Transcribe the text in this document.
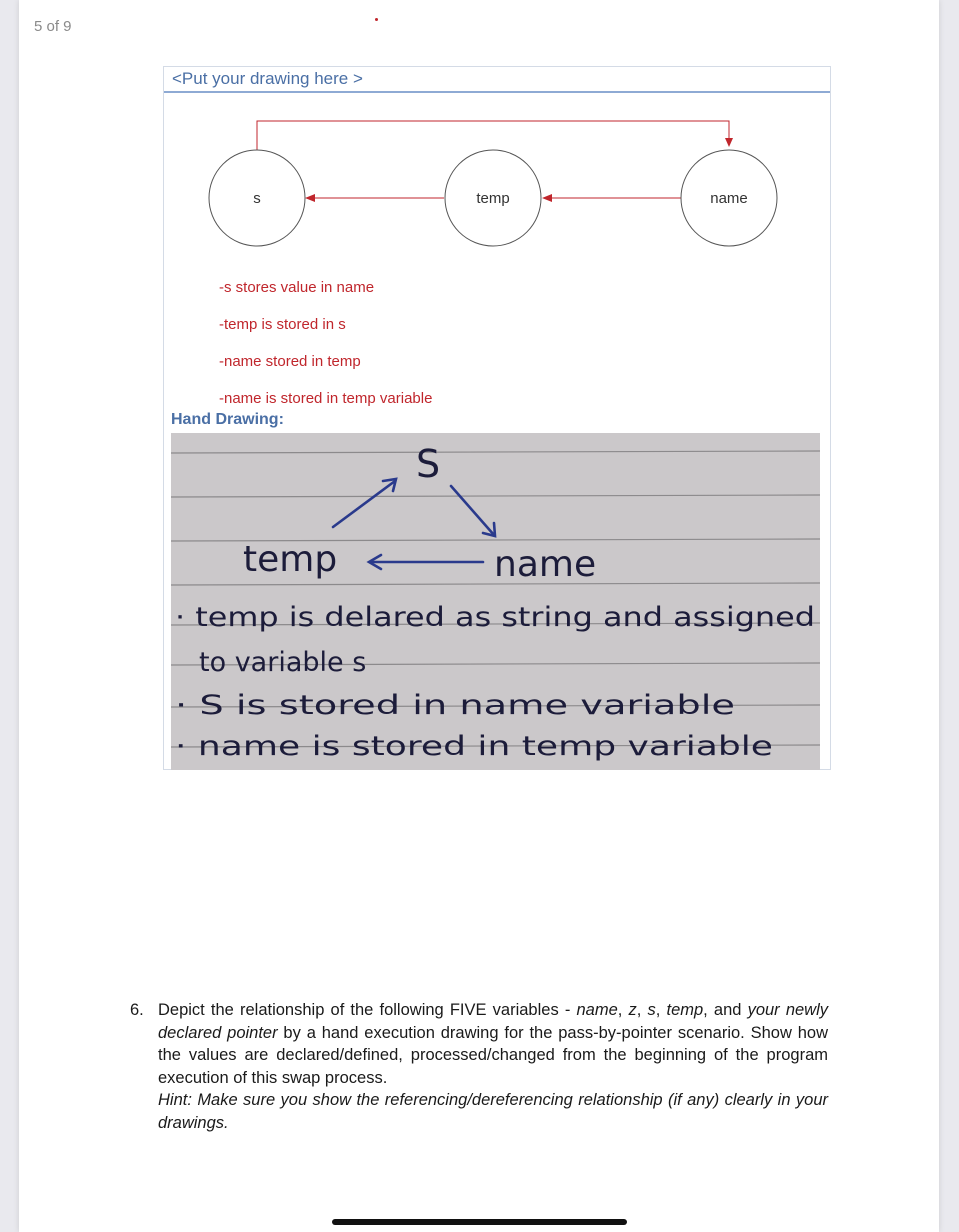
5 of 9
<Put your drawing here >
s	temp	name
-s stores value in name
-temp is stored in s
-name stored in temp
-name is stored in temp variable
Hand Drawing:
S
temp	name
· temp is delared as string and assigned
to variable s
· S is stored in name variable
· name is stored in temp variable
6. Depict the relationship of the following FIVE variables - name, z, s, temp, and your newly declared pointer by a hand execution drawing for the pass-by-pointer scenario. Show how the values are declared/defined, processed/changed from the beginning of the program execution of this swap process.
Hint: Make sure you show the referencing/dereferencing relationship (if any) clearly in your drawings.
